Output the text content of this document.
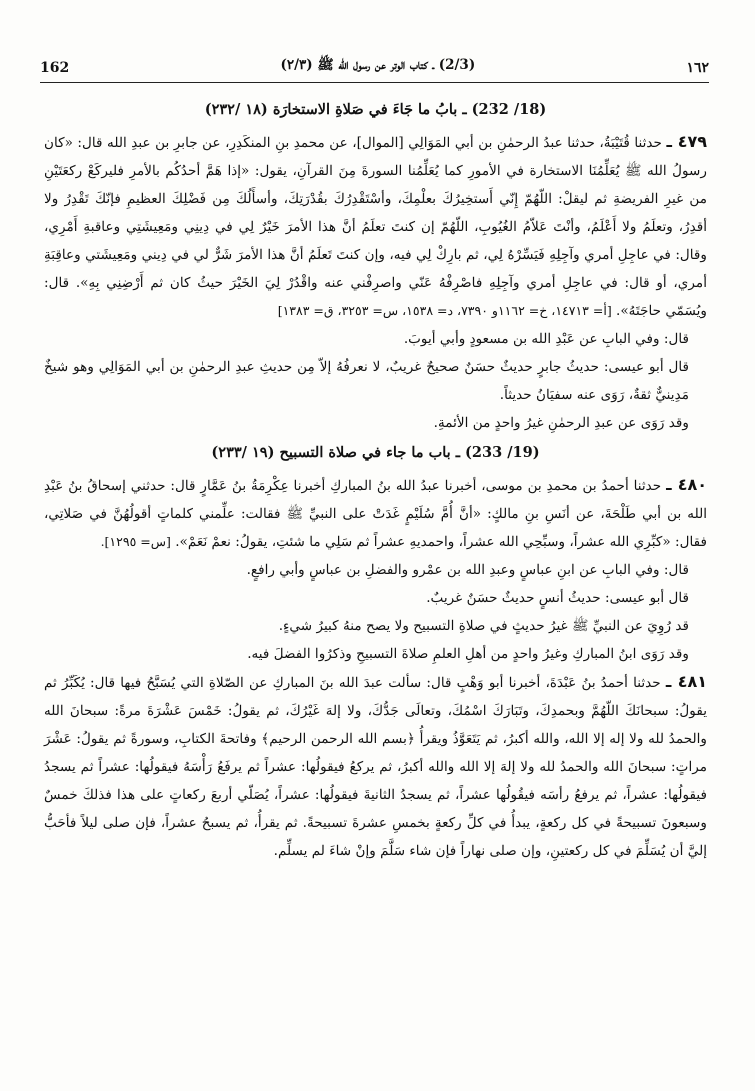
162	(2/3) ـ كتاب الوتر عن رسول الله ﷺ (٢/٣)	١٦٢
(18/ 232) ـ بابُ ما جَاءَ في صَلاةِ الاستخارَة (١٨ /٢٣٢)

٤٧٩ ـ حدثنا قُتَيْبَةُ، حدثنا عبدُ الرحمٰنِ بن أبي المَوَالِي [الموال]، عن محمدِ بنِ المنكَدِرِ، عن جابرِ بن عبدِ الله قال: «كان رسولُ الله ﷺ يُعَلِّمُنَا الاستخارة في الأمورِ كما يُعَلِّمُنا السورةَ مِنَ القرآنِ، يقول: «إذا هَمَّ أحدُكُم بالأمرِ فليركَعْ ركعَتَيْنِ من غيرِ الفريضةِ ثم ليقلْ: اللّهُمّ إِنّي أَستخِيرُكَ بعلْمِكَ، وأسْتَقْدِرُكَ بقُدْرَتِكَ، وأسأَلُكَ مِن فَضْلِكَ العظيمِ فإنّكَ تَقْدِرُ ولا أقدِرُ، وتعلَمُ ولا أَعْلَمُ، وأنْتَ عَلاّمُ الغُيُوبِ، اللّهُمّ إن كنتَ تعلَمُ أنَّ هذا الأمرَ خَيْرٌ لِي في دِينِي ومَعِيشَتِي وعاقبةِ أَمْرِي، وقال: في عاجِلِ أمري وآجِلِهِ فَيَسِّرْهُ لِي، ثم بارِكْ لِي فيه، وإن كنتَ تَعلَمُ أنَّ هذا الأمرَ شَرٌّ لي في دِيني ومَعِيشَتي وعاقِبَةِ أمري، أو قال: في عاجِلِ أمري وآجِلِهِ فاصْرِفْهُ عَنّي واصرِفْني عنه واقْدُرْ لِيَ الخَيْرَ حيثُ كان ثم أَرْضِنِي بِهِ». قال: ويُسَمّي حاجَتَهُ». [أ= ١٤٧١٣، خ= ١١٦٢و ٧٣٩٠، د= ١٥٣٨، س= ٣٢٥٣، ق= ١٣٨٣]

قال: وفي البابِ عن عَبْدِ الله بن مسعودٍ وأبي أيوبَ.

قال أبو عيسى: حديثُ جابرٍ حديثٌ حسَنٌ صحيحٌ غريبٌ، لا نعرفُهُ إلاّ مِن حديثِ عبدِ الرحمٰنِ بن أبي المَوَالِي وهو شيخٌ مَدِينيٌّ ثقةٌ، رَوَى عنه سفيَانُ حديثاً.

وقد رَوَى عن عبدِ الرحمٰنِ غيرُ واحدٍ من الأئمةِ.

(19/ 233) ـ باب ما جاء في صلاة التسبيح (١٩ /٢٣٣)

٤٨٠ ـ حدثنا أحمدُ بن محمدِ بن موسى، أخبرنا عبدُ الله بنُ المباركِ أخبرنا عِكْرِمَةُ بنُ عَمَّارٍ قال: حدثني إسحاقُ بنُ عَبْدِ الله بن أبي طَلْحَةَ، عن أنَسِ بنِ مالكٍ: «أنَّ أُمَّ سُلَيْمٍ غَدَتْ على النبيِّ ﷺ فقالت: علِّمني كلماتٍ أقولُهُنَّ في صَلاتِي، فقال: «كبِّرِي الله عشراً، وسبِّحِي الله عشراً، واحمديهِ عشراً ثم سَلِي ما شئتِ، يقولُ: نعمْ نَعَمْ». [س= ١٢٩٥].

قال: وفي البابِ عن ابنِ عباسٍ وعبدِ الله بن عمْرو والفضلِ بن عباسٍ وأبي رافعٍ.

قال أبو عيسى: حديثُ أنسٍ حديثٌ حسَنٌ غريبٌ.

قد رُوِيَ عن النبيِّ ﷺ غيرُ حديثٍ في صلاةِ التسبيح ولا يصح منهُ كبيرُ شيءٍ.

وقد رَوَى ابنُ المباركِ وغيرُ واحدٍ من أهلِ العلمِ صلاةَ التسبيحِ وذكرُوا الفضلَ فيه.

٤٨١ ـ حدثنا أحمدُ بنُ عَبْدَةَ، أخبرنا أبو وَهْبٍ قال: سألت عبدَ الله بنَ المباركِ عن الصّلاةِ التي يُسَبَّحُ فيها قال: يُكَبِّرُ ثم يقولُ: سبحانَكَ اللّهُمَّ وبحمدِكَ، وتَبَارَكَ اسْمُكَ، وتعالَى جَدُّكَ، ولا إلهَ غَيْرُكَ، ثم يقولُ: خَمْسَ عَشْرَةَ مرةً: سبحانَ الله والحمدُ لله ولا إله إلا الله، والله أكبرُ، ثم يَتَعَوَّذُ ويقرأُ ﴿بسم الله الرحمن الرحيم﴾ وفاتحةَ الكتابِ، وسورةً ثم يقولُ: عَشْرَ مراتٍ: سبحانَ الله والحمدُ لله ولا إلهَ إلا الله والله أكبرُ، ثم يركعُ فيقولُها: عشراً ثم يرفَعُ رَأْسَهُ فيقولُها: عشراً ثم يسجدُ فيقولُها: عشراً، ثم يرفعُ رأسَه فيقُولُها عشراً، ثم يسجدُ الثانيةَ فيقولُها: عشراً، يُصَلّي أربعَ ركعاتٍ على هذا فذلكَ خمسٌ وسبعونَ تسبيحةً في كل ركعةٍ، يبدأُ في كلِّ ركعةٍ بخمسِ عشرةَ تسبيحةً. ثم يقرأُ، ثم يسبحُ عشراً، فإن صلى ليلاً فأحَبُّ إليَّ أن يُسَلِّمَ في كل ركعتينِ، وإن صلى نهاراً فإن شاء سَلَّمَ وإنْ شاءَ لم يسلِّم.
